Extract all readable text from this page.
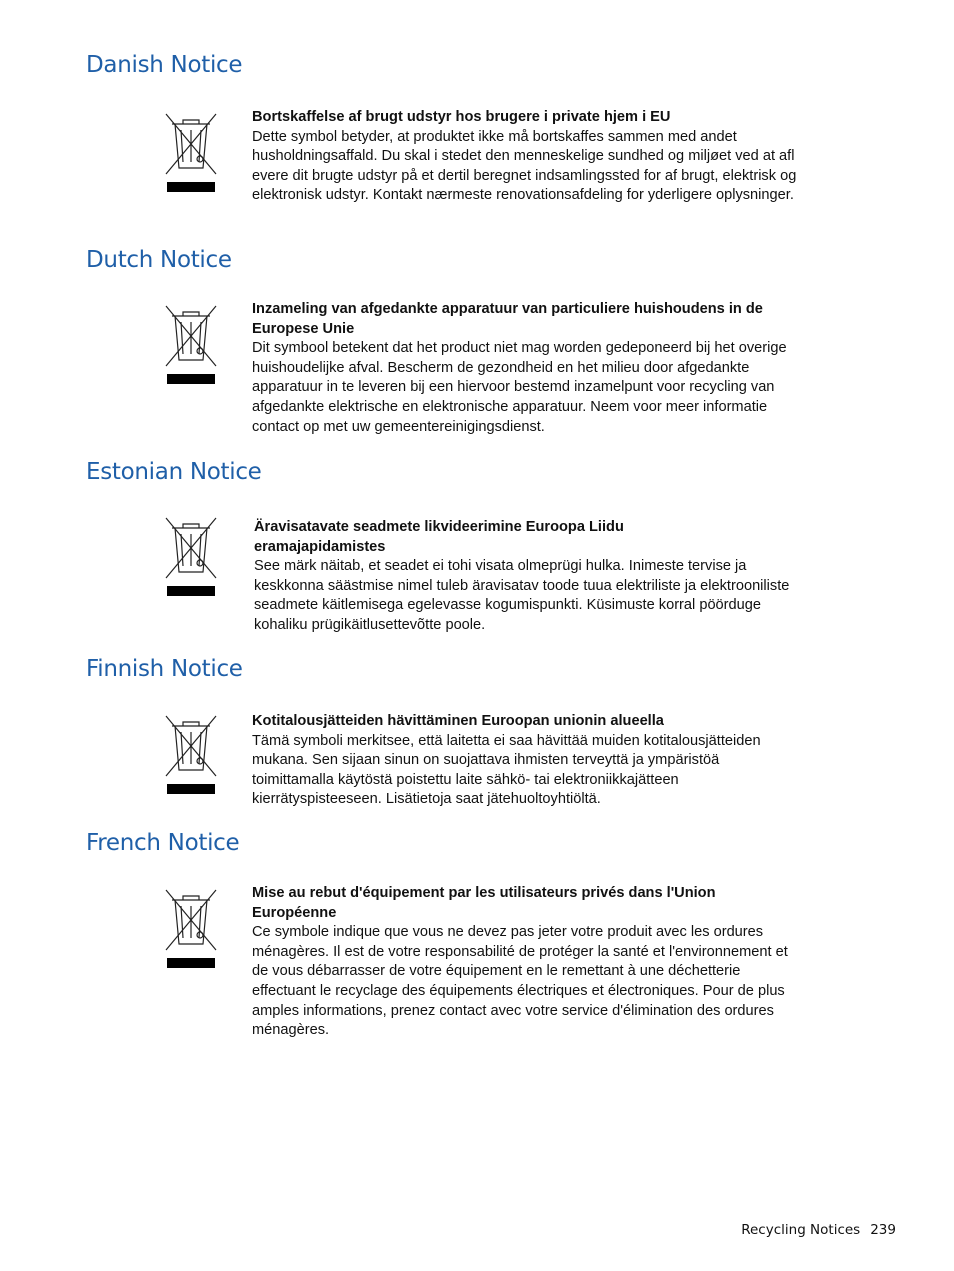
Danish Notice
Bortskaffelse af brugt udstyr hos brugere i private hjem i EU
Dette symbol betyder, at produktet ikke må bortskaffes sammen med andet husholdningsaffald. Du skal i stedet den menneskelige sundhed og miljøet ved at afl evere dit brugte udstyr på et dertil beregnet indsamlingssted for af brugt, elektrisk og elektronisk udstyr. Kontakt nærmeste renovationsafdeling for yderligere oplysninger.
Dutch Notice
Inzameling van afgedankte apparatuur van particuliere huishoudens in de Europese Unie
Dit symbool betekent dat het product niet mag worden gedeponeerd bij het overige huishoudelijke afval. Bescherm de gezondheid en het milieu door afgedankte apparatuur in te leveren bij een hiervoor bestemd inzamelpunt voor recycling van afgedankte elektrische en elektronische apparatuur. Neem voor meer informatie contact op met uw gemeentereinigingsdienst.
Estonian Notice
Äravisatavate seadmete likvideerimine Euroopa Liidu eramajapidamistes
See märk näitab, et seadet ei tohi visata olmeprügi hulka. Inimeste tervise ja keskkonna säästmise nimel tuleb äravisatav toode tuua elektriliste ja elektrooniliste seadmete käitlemisega egelevasse kogumispunkti. Küsimuste korral pöörduge kohaliku prügikäitlusettevõtte poole.
Finnish Notice
Kotitalousjätteiden hävittäminen Euroopan unionin alueella
Tämä symboli merkitsee, että laitetta ei saa hävittää muiden kotitalousjätteiden mukana. Sen sijaan sinun on suojattava ihmisten terveyttä ja ympäristöä toimittamalla käytöstä poistettu laite sähkö- tai elektroniikkajätteen kierrätyspisteeseen. Lisätietoja saat jätehuoltoyhtiöltä.
French Notice
Mise au rebut d'équipement par les utilisateurs privés dans l'Union Européenne
Ce symbole indique que vous ne devez pas jeter votre produit avec les ordures ménagères. Il est de votre responsabilité de protéger la santé et l'environnement et de vous débarrasser de votre équipement en le remettant à une déchetterie effectuant le recyclage des équipements électriques et électroniques. Pour de plus amples informations, prenez contact avec votre service d'élimination des ordures ménagères.
Recycling Notices 239
